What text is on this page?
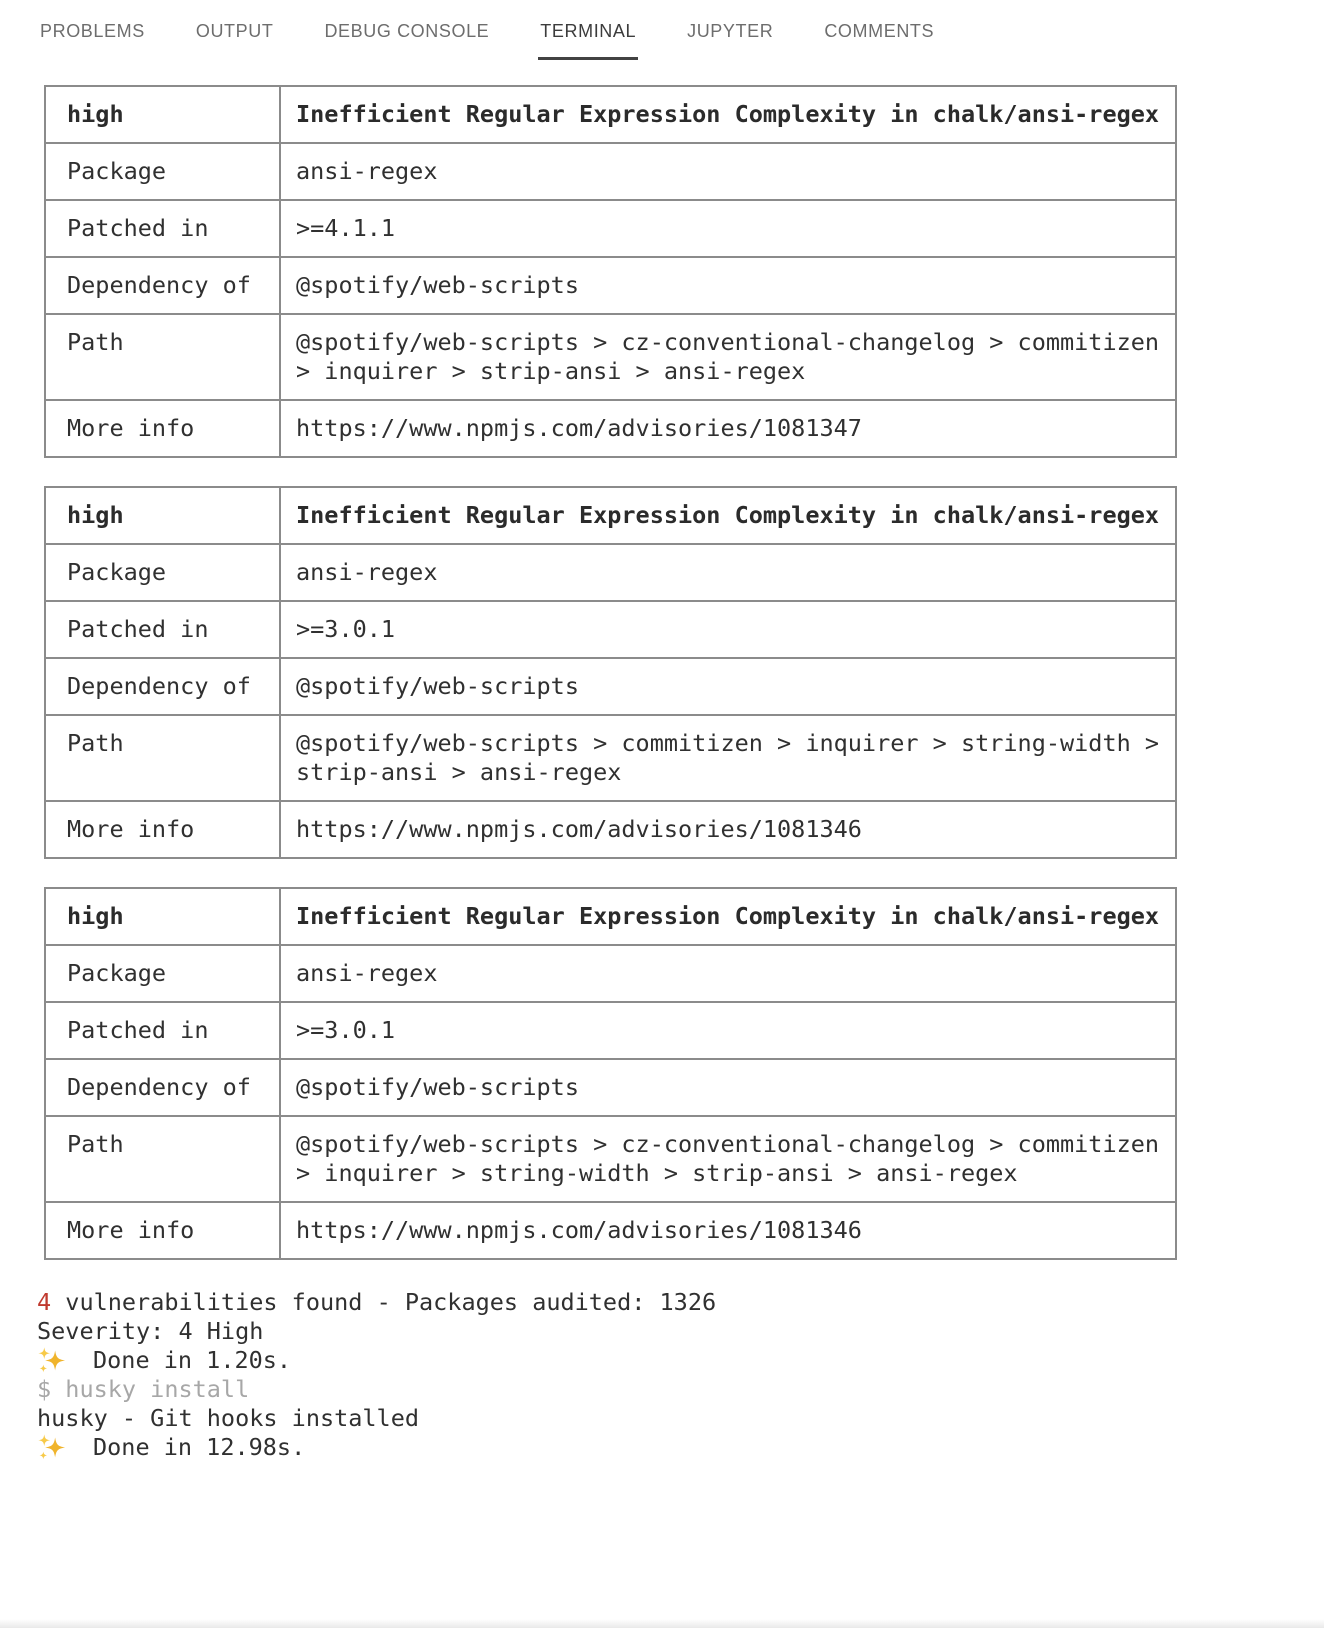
PROBLEMS	OUTPUT	DEBUG CONSOLE	TERMINAL	JUPYTER	COMMENTS
high	Inefficient Regular Expression Complexity in chalk/ansi-regex
Package	ansi-regex
Patched in	>=4.1.1
Dependency of	@spotify/web-scripts
Path	@spotify/web-scripts > cz-conventional-changelog > commitizen > inquirer > strip-ansi > ansi-regex
More info	https://www.npmjs.com/advisories/1081347
high	Inefficient Regular Expression Complexity in chalk/ansi-regex
Package	ansi-regex
Patched in	>=3.0.1
Dependency of	@spotify/web-scripts
Path	@spotify/web-scripts > commitizen > inquirer > string-width > strip-ansi > ansi-regex
More info	https://www.npmjs.com/advisories/1081346
high	Inefficient Regular Expression Complexity in chalk/ansi-regex
Package	ansi-regex
Patched in	>=3.0.1
Dependency of	@spotify/web-scripts
Path	@spotify/web-scripts > cz-conventional-changelog > commitizen > inquirer > string-width > strip-ansi > ansi-regex
More info	https://www.npmjs.com/advisories/1081346
4 vulnerabilities found - Packages audited: 1326
Severity: 4 High
Done in 1.20s.
$ husky install
husky - Git hooks installed
Done in 12.98s.
